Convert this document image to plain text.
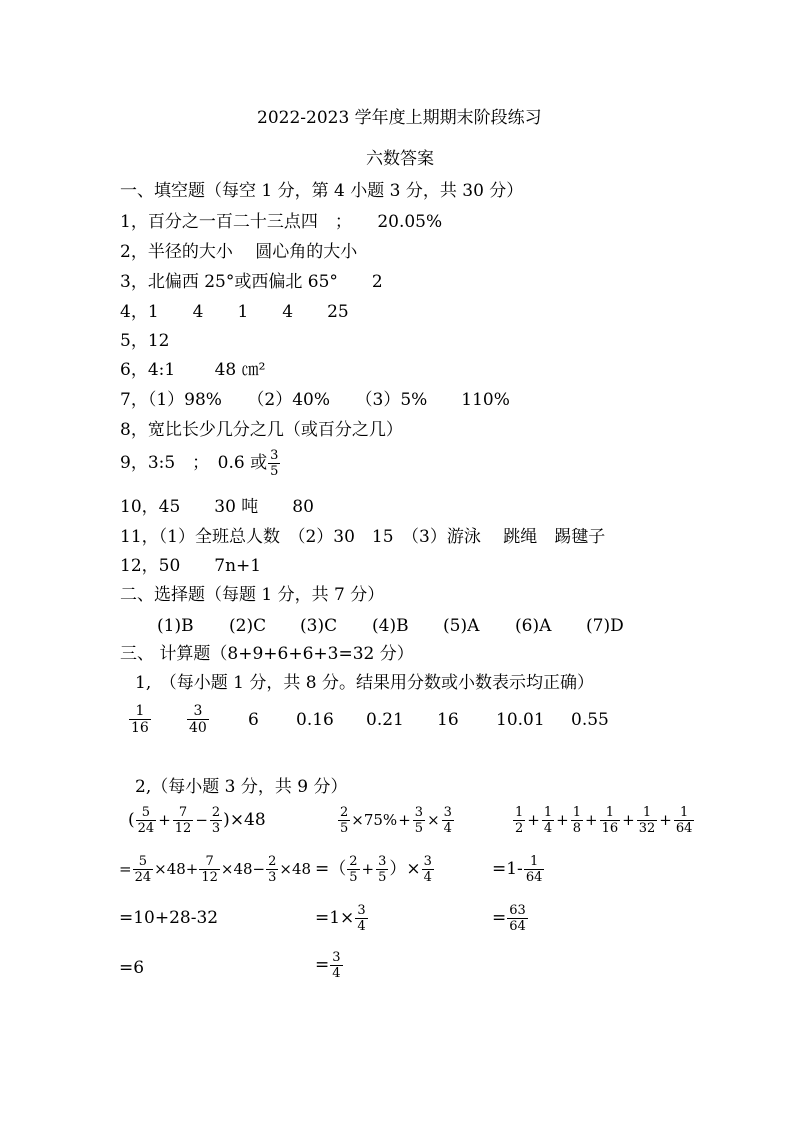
2022-2023 学年度上期期末阶段练习
六数答案
一、填空题（每空 1 分，第 4 小题 3 分，共 30 分）
1，百分之一百二十三点四　；　　20.05%
2，半径的大小　 圆心角的大小
3，北偏西 25°或西偏北 65°　　2
4，1　　4　　1　　4　　25
5，12
6，4:1　　 48 ㎝²
7，（1）98%　　（2）40%　　（3）5%　　110%
8，宽比长少几分之几（或百分之几）
9，3:5　；　0.6 或 $\frac{3}{5}$
10，45　　30 吨　　80
11，（1）全班总人数　（2）30　15　（3）游泳　 跳绳　踢毽子
12，50　　7n+1
二、选择题（每题 1 分，共 7 分）
(1)B (2)C (3)C (4)B (5)A (6)A (7)D
三、 计算题（8+9+6+6+3=32 分）
1,　（每小题 1 分，共 8 分。结果用分数或小数表示均正确）
$\frac{1}{16}$	$\frac{3}{40} 6$ 0.16 0.21 16 10.01 0.55
2,（每小题 3 分，共 9 分）
( $\frac{5}{24} + \frac{7}{12} - \frac{2}{3}$ ) ×48
= $\frac{5}{24} \times 48+ \frac{7}{12} \times 48- \frac{2}{3} \times 48$
=10+28-32
=6
$\frac{2}{5} \times 75\% + \frac{3}{5} \times \frac{3}{4}$
=（ $\frac{2}{5} + \frac{3}{5}$ ）× $\frac{3}{4}$
$=1\times \frac{3}{4}$
= $\frac{3}{4}$
$\frac{1}{2} + \frac{1}{4} + \frac{1}{8} + \frac{1}{16} + \frac{1}{32} + \frac{1}{64}$
$=1- \frac{1}{64}$
= $\frac{63}{64}$
